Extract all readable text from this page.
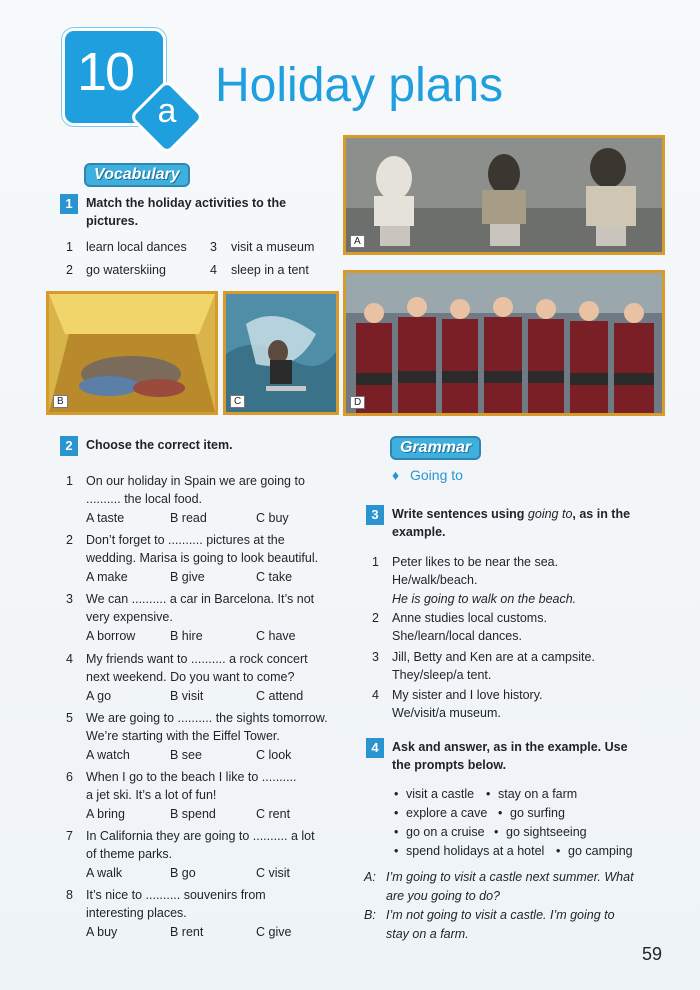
10
a Holiday plans
Vocabulary
1	Match the holiday activities to the
pictures.
1 learn local dances 3 visit a museum
2 go waterskiing	4 sleep in a tent
A
B	C	D
2	Choose the correct item.
1 On our holiday in Spain we are going to
.......... the local food.
A taste	B read	C buy
2 Don’t forget to .......... pictures at the
wedding. Marisa is going to look beautiful.
A make	B give	C take
3 We can .......... a car in Barcelona. It’s not
very expensive.
A borrow	B hire	C have
4 My friends want to .......... a rock concert
next weekend. Do you want to come?
A go	B visit	C attend
5 We are going to .......... the sights tomorrow.
We’re starting with the Eiffel Tower.
A watch	B see	C look
6 When I go to the beach I like to ..........
a jet ski. It’s a lot of fun!
A bring	B spend	C rent
7 In California they are going to .......... a lot
of theme parks.
A walk	B go	C visit
8 It’s nice to .......... souvenirs from
interesting places.
A buy	B rent	C give
Grammar
♦ Going to
3	Write sentences using going to, as in the
example.
1 Peter likes to be near the sea.
He/walk/beach.
He is going to walk on the beach.
2 Anne studies local customs.
She/learn/local dances.
3 Jill, Betty and Ken are at a campsite.
They/sleep/a tent.
4 My sister and I love history.
We/visit/a museum.
4	Ask and answer, as in the example. Use
the prompts below.
• visit a castle • stay on a farm
• explore a cave • go surfing
• go on a cruise • go sightseeing
• spend holidays at a hotel • go camping
A: I’m going to visit a castle next summer. What
are you going to do?
B: I’m not going to visit a castle. I’m going to
stay on a farm.
59
